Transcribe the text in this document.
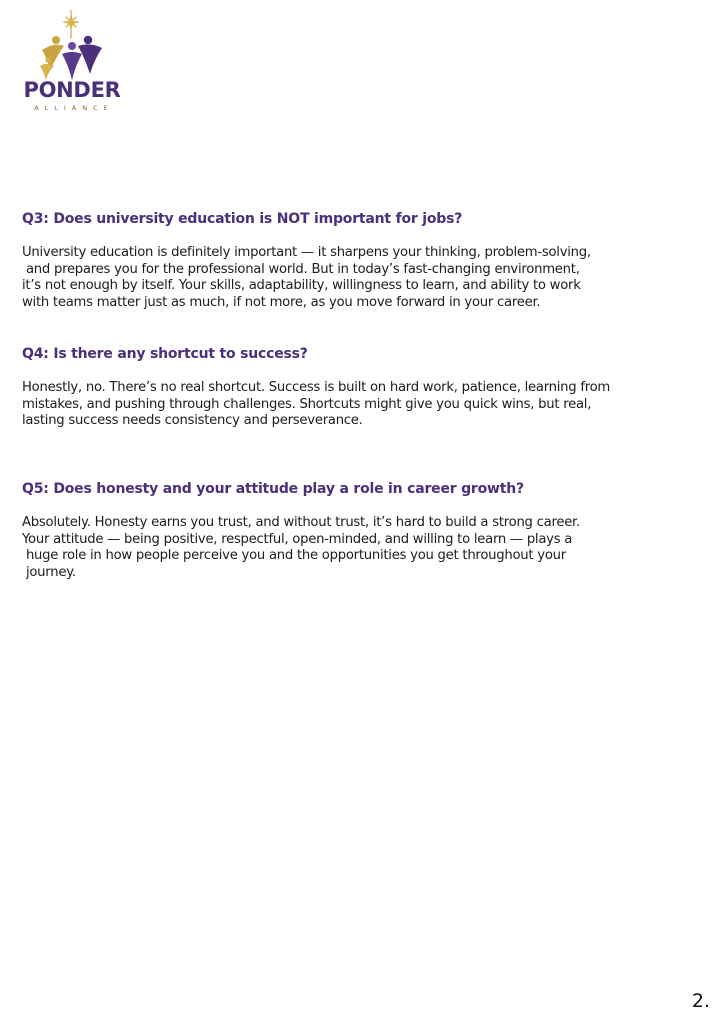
PONDER
ALLIANCE
Q3: Does university education is NOT important for jobs?

University education is definitely important — it sharpens your thinking, problem-solving,
and prepares you for the professional world. But in today’s fast-changing environment,
it’s not enough by itself. Your skills, adaptability, willingness to learn, and ability to work
with teams matter just as much, if not more, as you move forward in your career.

Q4: Is there any shortcut to success?

Honestly, no. There’s no real shortcut. Success is built on hard work, patience, learning from
mistakes, and pushing through challenges. Shortcuts might give you quick wins, but real,
lasting success needs consistency and perseverance.

Q5: Does honesty and your attitude play a role in career growth?

Absolutely. Honesty earns you trust, and without trust, it’s hard to build a strong career.
Your attitude — being positive, respectful, open-minded, and willing to learn — plays a
huge role in how people perceive you and the opportunities you get throughout your
journey.

2.
